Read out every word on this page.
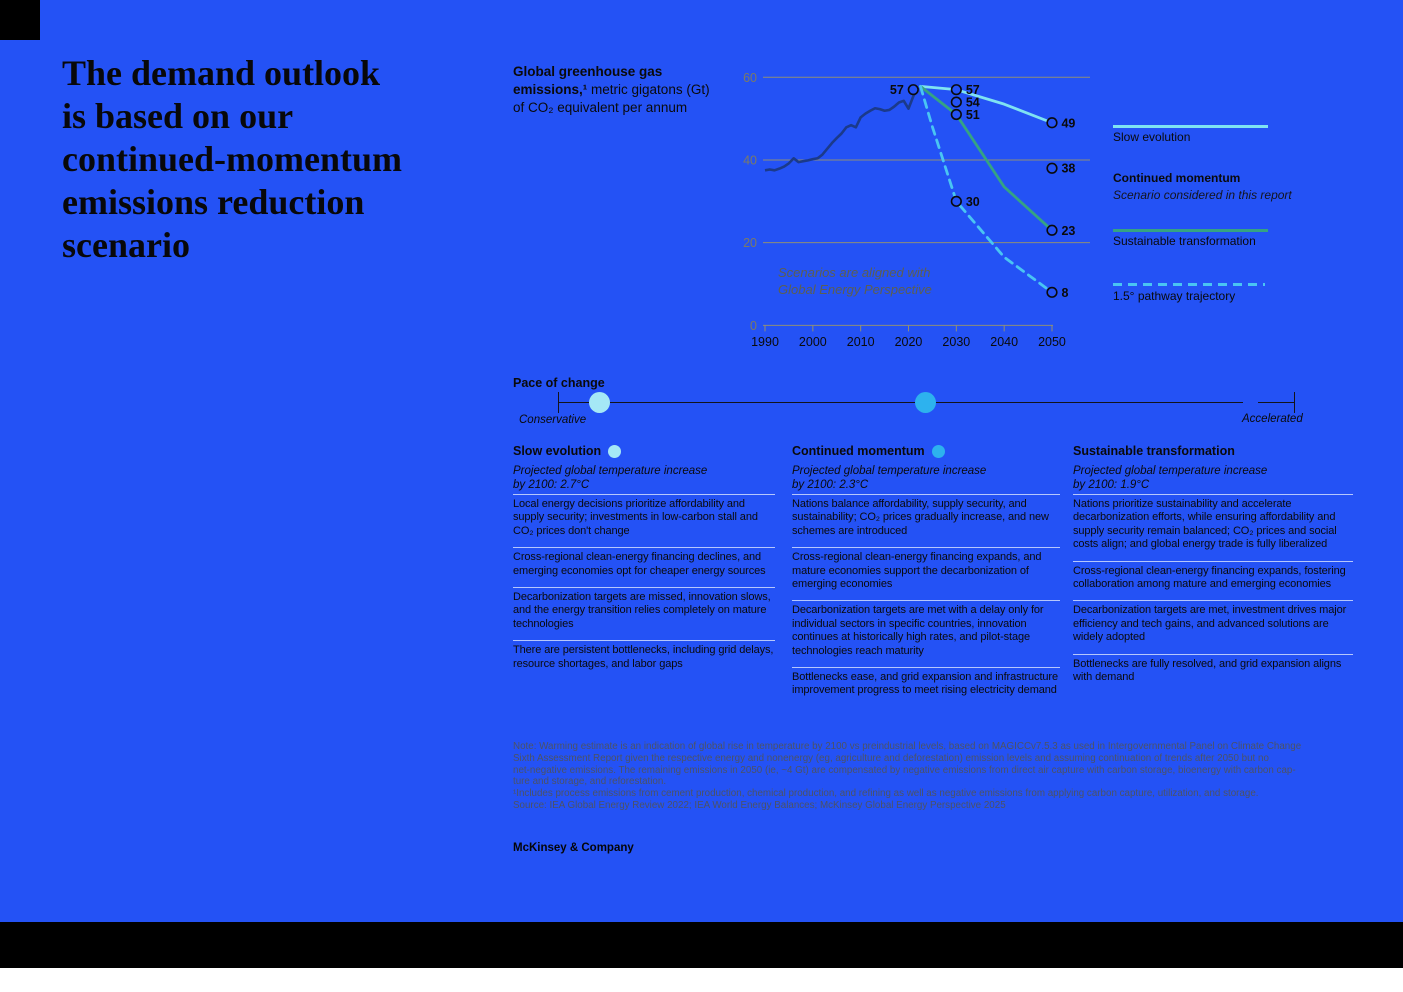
The demand outlook
is based on our
continued-momentum
emissions reduction
scenario
Global greenhouse gas emissions,¹ metric gigatons (Gt) of CO₂ equivalent per annum
0
20
40
60
1990 2000 2010 2020 2030 2040 2050
57	57
49
54
38
51
23
30
8
Scenarios are aligned with
Global Energy Perspective
Slow evolution
Continued momentum
Scenario considered in this report
Sustainable transformation
1.5° pathway trajectory
Pace of change
Conservative	Accelerated
Slow evolution
Projected global temperature increase
by 2100: 2.7°C
Local energy decisions prioritize affordability and supply security; investments in low-carbon stall and CO₂ prices don't change
Cross-regional clean-energy financing declines, and emerging economies opt for cheaper energy sources
Decarbonization targets are missed, innovation slows, and the energy transition relies completely on mature technologies
There are persistent bottlenecks, including grid delays, resource shortages, and labor gaps
Continued momentum
Projected global temperature increase
by 2100: 2.3°C
Nations balance affordability, supply security, and sustainability; CO₂ prices gradually increase, and new schemes are introduced
Cross-regional clean-energy financing expands, and mature economies support the decarbonization of emerging economies
Decarbonization targets are met with a delay only for individual sectors in specific countries, innovation continues at historically high rates, and pilot-stage technologies reach maturity
Bottlenecks ease, and grid expansion and infrastructure improvement progress to meet rising electricity demand
Sustainable transformation
Projected global temperature increase
by 2100: 1.9°C
Nations prioritize sustainability and accelerate decarbonization efforts, while ensuring affordability and supply security remain balanced; CO₂ prices and social costs align; and global energy trade is fully liberalized
Cross-regional clean-energy financing expands, fostering collaboration among mature and emerging economies
Decarbonization targets are met, investment drives major efficiency and tech gains, and advanced solutions are widely adopted
Bottlenecks are fully resolved, and grid expansion aligns with demand
Note: Warming estimate is an indication of global rise in temperature by 2100 vs preindustrial levels, based on MAGICCv7.5.3 as used in Intergovernmental Panel on Climate Change
Sixth Assessment Report given the respective energy and nonenergy (eg, agriculture and deforestation) emission levels and assuming continuation of trends after 2050 but no
net-negative emissions. The remaining emissions in 2050 (ie, ~4 Gt) are compensated by negative emissions from direct air capture with carbon storage, bioenergy with carbon cap-
ture and storage, and reforestation.
¹Includes process emissions from cement production, chemical production, and refining as well as negative emissions from applying carbon capture, utilization, and storage.
Source: IEA Global Energy Review 2022; IEA World Energy Balances; McKinsey Global Energy Perspective 2025
McKinsey & Company
